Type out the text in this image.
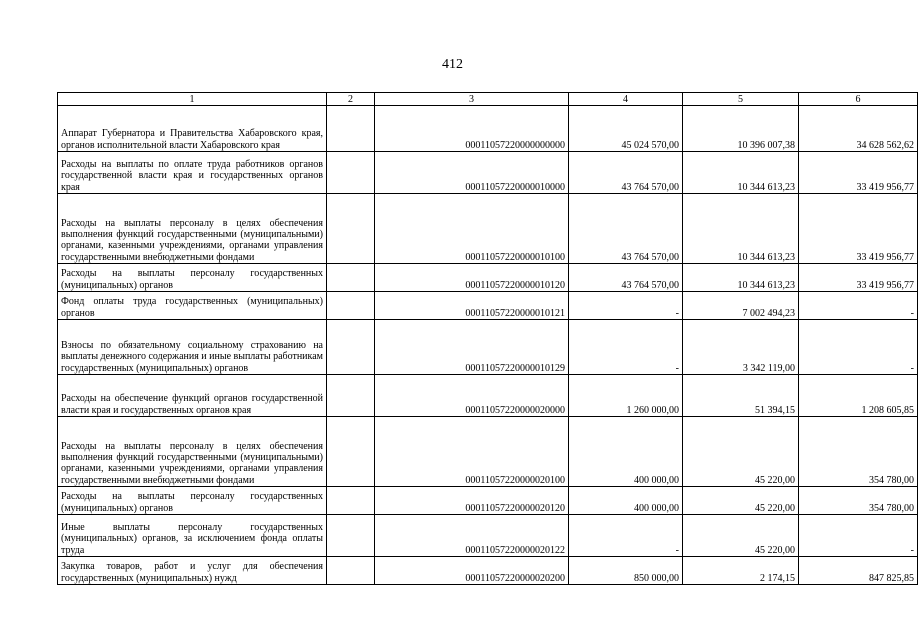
412
1	2	3	4	5	6
Аппарат Губернатора и Правительства Хабаровского края, органов исполнительной власти Хабаровского края		00011057220000000000	45 024 570,00	10 396 007,38	34 628 562,62
Расходы на выплаты по оплате труда работников органов государственной власти края и государственных органов края		00011057220000010000	43 764 570,00	10 344 613,23	33 419 956,77
Расходы на выплаты персоналу в целях обеспечения выполнения функций государственными (муниципальными) органами, казенными учреждениями, органами управления государственными внебюджетными фондами		00011057220000010100	43 764 570,00	10 344 613,23	33 419 956,77
Расходы на выплаты персоналу государственных (муниципальных) органов		00011057220000010120	43 764 570,00	10 344 613,23	33 419 956,77
Фонд оплаты труда государственных (муниципальных) органов		00011057220000010121	-	7 002 494,23	-
Взносы по обязательному социальному страхованию на выплаты денежного содержания и иные выплаты работникам государственных (муниципальных) органов		00011057220000010129	-	3 342 119,00	-
Расходы на обеспечение функций органов государственной власти края и государственных органов края		00011057220000020000	1 260 000,00	51 394,15	1 208 605,85
Расходы на выплаты персоналу в целях обеспечения выполнения функций государственными (муниципальными) органами, казенными учреждениями, органами управления государственными внебюджетными фондами		00011057220000020100	400 000,00	45 220,00	354 780,00
Расходы на выплаты персоналу государственных (муниципальных) органов		00011057220000020120	400 000,00	45 220,00	354 780,00
Иные выплаты персоналу государственных (муниципальных) органов, за исключением фонда оплаты труда		00011057220000020122	-	45 220,00	-
Закупка товаров, работ и услуг для обеспечения государственных (муниципальных) нужд		00011057220000020200	850 000,00	2 174,15	847 825,85
